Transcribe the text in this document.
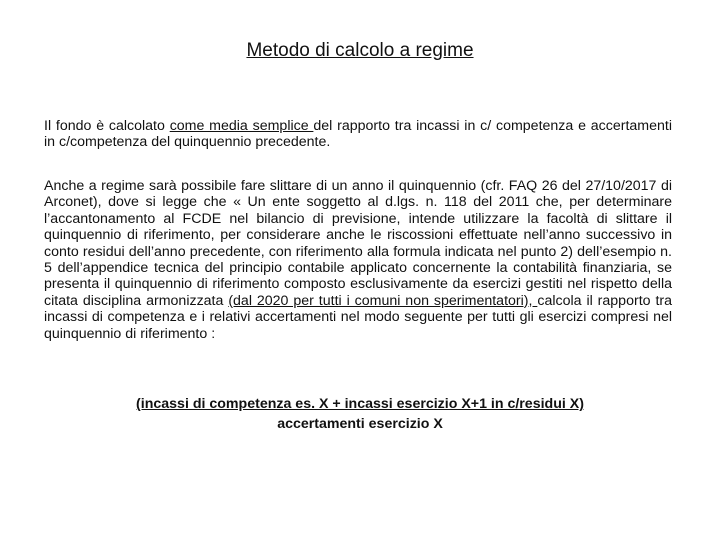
Metodo di calcolo a regime
Il fondo è calcolato come media semplice del rapporto tra incassi in c/ competenza e accertamenti in c/competenza del quinquennio precedente.
Anche a regime sarà possibile fare slittare di un anno il quinquennio (cfr. FAQ 26 del 27/10/2017 di Arconet), dove si legge che « Un ente soggetto al d.lgs. n. 118 del 2011 che, per determinare l’accantonamento al FCDE nel bilancio di previsione, intende utilizzare la facoltà di slittare il quinquennio di riferimento, per considerare anche le riscossioni effettuate nell’anno successivo in conto residui dell’anno precedente, con riferimento alla formula indicata nel punto 2) dell’esempio n. 5 dell’appendice tecnica del principio contabile applicato concernente la contabilità finanziaria, se presenta il quinquennio di riferimento composto esclusivamente da esercizi gestiti nel rispetto della citata disciplina armonizzata (dal 2020 per tutti i comuni non sperimentatori), calcola il rapporto tra incassi di competenza e i relativi accertamenti nel modo seguente per tutti gli esercizi compresi nel quinquennio di riferimento :
(incassi di competenza es. X + incassi esercizio X+1 in c/residui X)
accertamenti esercizio X
